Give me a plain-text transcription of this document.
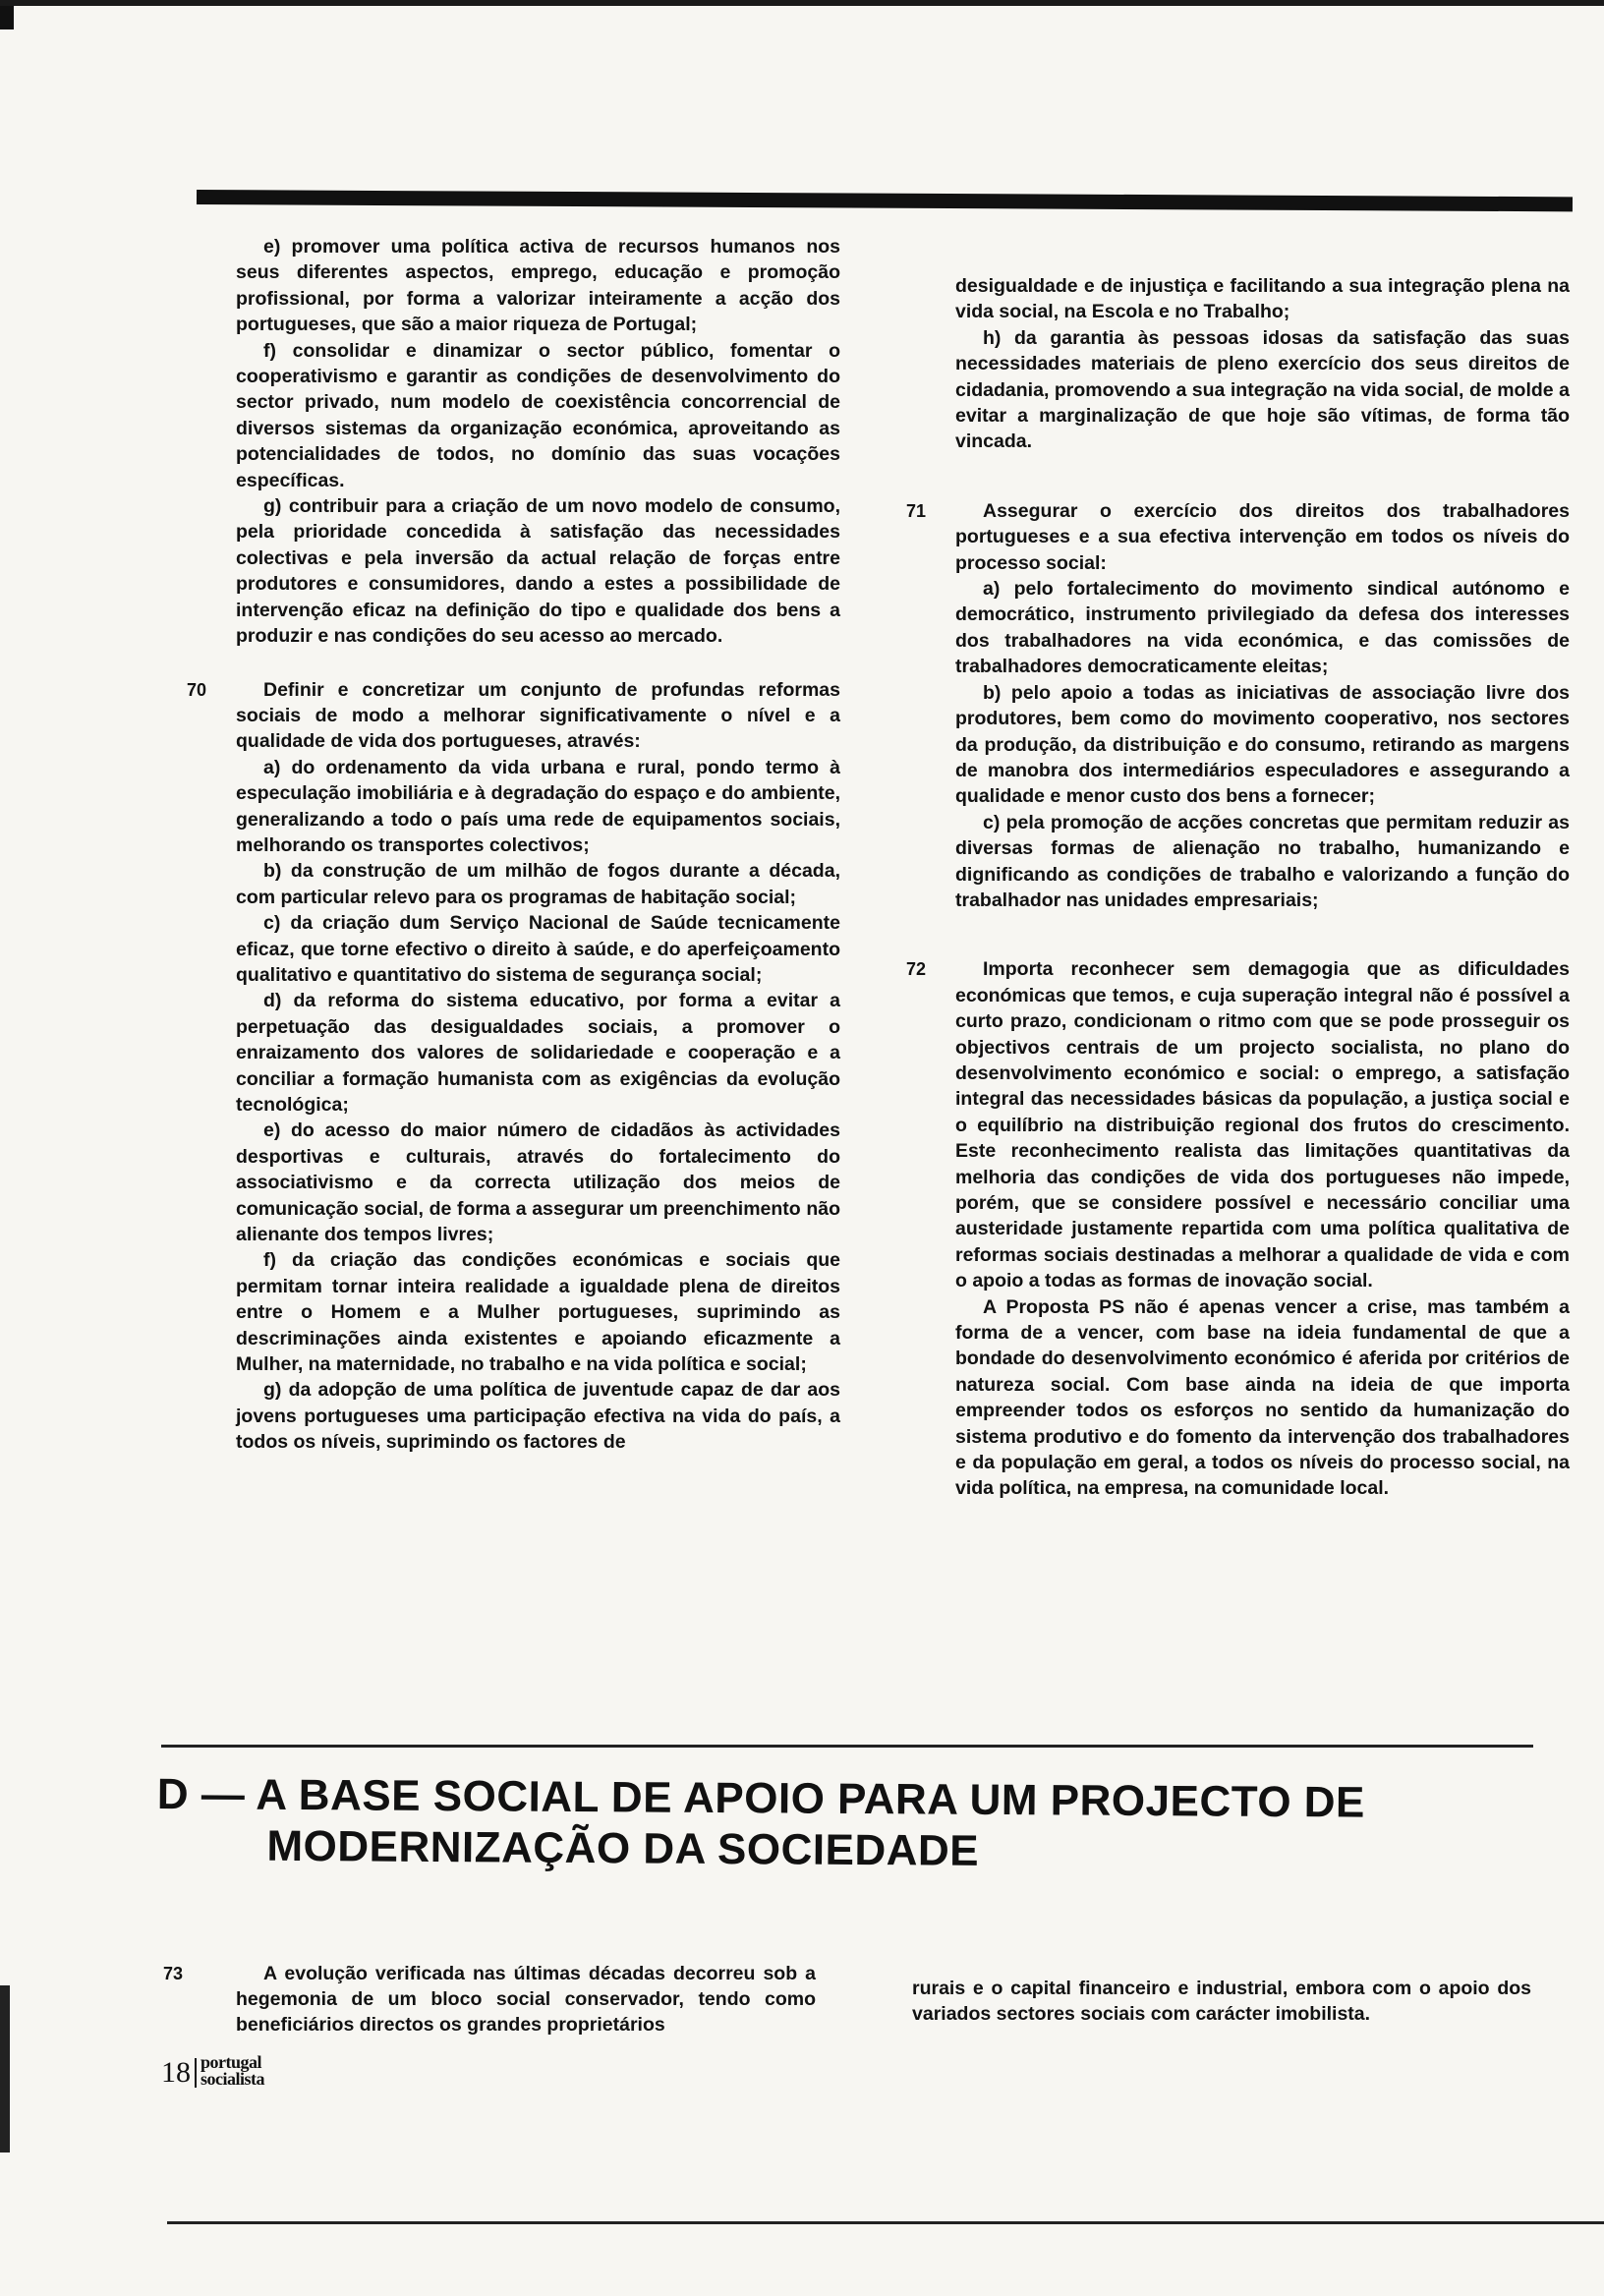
e) promover uma política activa de recursos humanos nos seus diferentes aspectos, emprego, educação e promoção profissional, por forma a valorizar inteiramente a acção dos portugueses, que são a maior riqueza de Portugal;

f) consolidar e dinamizar o sector público, fomentar o cooperativismo e garantir as condições de desenvolvimento do sector privado, num modelo de coexistência concorrencial de diversos sistemas da organização económica, aproveitando as potencialidades de todos, no domínio das suas vocações específicas.

g) contribuir para a criação de um novo modelo de consumo, pela prioridade concedida à satisfação das necessidades colectivas e pela inversão da actual relação de forças entre produtores e consumidores, dando a estes a possibilidade de intervenção eficaz na definição do tipo e qualidade dos bens a produzir e nas condições do seu acesso ao mercado.

70	Definir e concretizar um conjunto de profundas reformas sociais de modo a melhorar significativamente o nível e a qualidade de vida dos portugueses, através:

a) do ordenamento da vida urbana e rural, pondo termo à especulação imobiliária e à degradação do espaço e do ambiente, generalizando a todo o país uma rede de equipamentos sociais, melhorando os transportes colectivos;

b) da construção de um milhão de fogos durante a década, com particular relevo para os programas de habitação social;

c) da criação dum Serviço Nacional de Saúde tecnicamente eficaz, que torne efectivo o direito à saúde, e do aperfeiçoamento qualitativo e quantitativo do sistema de segurança social;

d) da reforma do sistema educativo, por forma a evitar a perpetuação das desigualdades sociais, a promover o enraizamento dos valores de solidariedade e cooperação e a conciliar a formação humanista com as exigências da evolução tecnológica;

e) do acesso do maior número de cidadãos às actividades desportivas e culturais, através do fortalecimento do associativismo e da correcta utilização dos meios de comunicação social, de forma a assegurar um preenchimento não alienante dos tempos livres;

f) da criação das condições económicas e sociais que permitam tornar inteira realidade a igualdade plena de direitos entre o Homem e a Mulher portugueses, suprimindo as descriminações ainda existentes e apoiando eficazmente a Mulher, na maternidade, no trabalho e na vida política e social;

g) da adopção de uma política de juventude capaz de dar aos jovens portugueses uma participação efectiva na vida do país, a todos os níveis, suprimindo os factores de

desigualdade e de injustiça e facilitando a sua integração plena na vida social, na Escola e no Trabalho;

h) da garantia às pessoas idosas da satisfação das suas necessidades materiais de pleno exercício dos seus direitos de cidadania, promovendo a sua integração na vida social, de molde a evitar a marginalização de que hoje são vítimas, de forma tão vincada.

71	Assegurar o exercício dos direitos dos trabalhadores portugueses e a sua efectiva intervenção em todos os níveis do processo social:

a) pelo fortalecimento do movimento sindical autónomo e democrático, instrumento privilegiado da defesa dos interesses dos trabalhadores na vida económica, e das comissões de trabalhadores democraticamente eleitas;

b) pelo apoio a todas as iniciativas de associação livre dos produtores, bem como do movimento cooperativo, nos sectores da produção, da distribuição e do consumo, retirando as margens de manobra dos intermediários especuladores e assegurando a qualidade e menor custo dos bens a fornecer;

c) pela promoção de acções concretas que permitam reduzir as diversas formas de alienação no trabalho, humanizando e dignificando as condições de trabalho e valorizando a função do trabalhador nas unidades empresariais;

72	Importa reconhecer sem demagogia que as dificuldades económicas que temos, e cuja superação integral não é possível a curto prazo, condicionam o ritmo com que se pode prosseguir os objectivos centrais de um projecto socialista, no plano do desenvolvimento económico e social: o emprego, a satisfação integral das necessidades básicas da população, a justiça social e o equilíbrio na distribuição regional dos frutos do crescimento. Este reconhecimento realista das limitações quantitativas da melhoria das condições de vida dos portugueses não impede, porém, que se considere possível e necessário conciliar uma austeridade justamente repartida com uma política qualitativa de reformas sociais destinadas a melhorar a qualidade de vida e com o apoio a todas as formas de inovação social.

A Proposta PS não é apenas vencer a crise, mas também a forma de a vencer, com base na ideia fundamental de que a bondade do desenvolvimento económico é aferida por critérios de natureza social. Com base ainda na ideia de que importa empreender todos os esforços no sentido da humanização do sistema produtivo e do fomento da intervenção dos trabalhadores e da população em geral, a todos os níveis do processo social, na vida política, na empresa, na comunidade local.

D — A BASE SOCIAL DE APOIO PARA UM PROJECTO DE
MODERNIZAÇÃO DA SOCIEDADE
73	A evolução verificada nas últimas décadas decorreu sob a hegemonia de um bloco social conservador, tendo como beneficiários directos os grandes proprietários

rurais e o capital financeiro e industrial, embora com o apoio dos variados sectores sociais com carácter imobilista.

18 portugal
socialista
